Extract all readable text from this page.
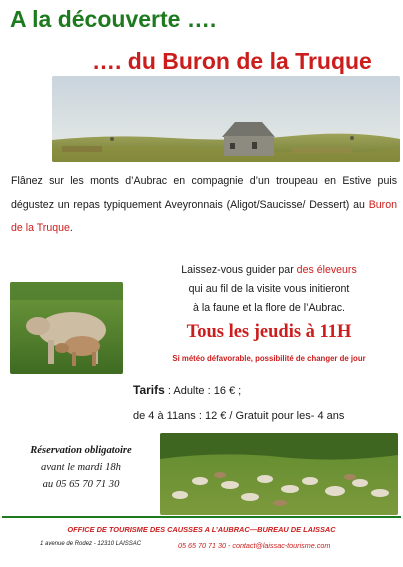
A la découverte ….
…. du Buron de la Truque
Flânez sur les monts d’Aubrac en compagnie d’un troupeau en Estive puis dégustez un repas typiquement Aveyronnais (Aligot/Saucisse/ Dessert) au Buron de la Truque.
Laissez-vous guider par des éleveurs
qui au fil de la visite vous initieront
à la faune et la flore de l’Aubrac.
Tous les jeudis à 11H
Si météo défavorable, possibilité de changer de jour
Tarifs : Adulte : 16 € ;
de 4 à 11ans : 12 € / Gratuit pour les- 4 ans
Réservation obligatoire
avant le mardi 18h
au 05 65 70 71 30
OFFICE DE TOURISME DES CAUSSES A L’AUBRAC—BUREAU DE LAISSAC
1 avenue de Rodez - 12310 LAISSAC	05 65 70 71 30 - contact@laissac-tourisme.com
